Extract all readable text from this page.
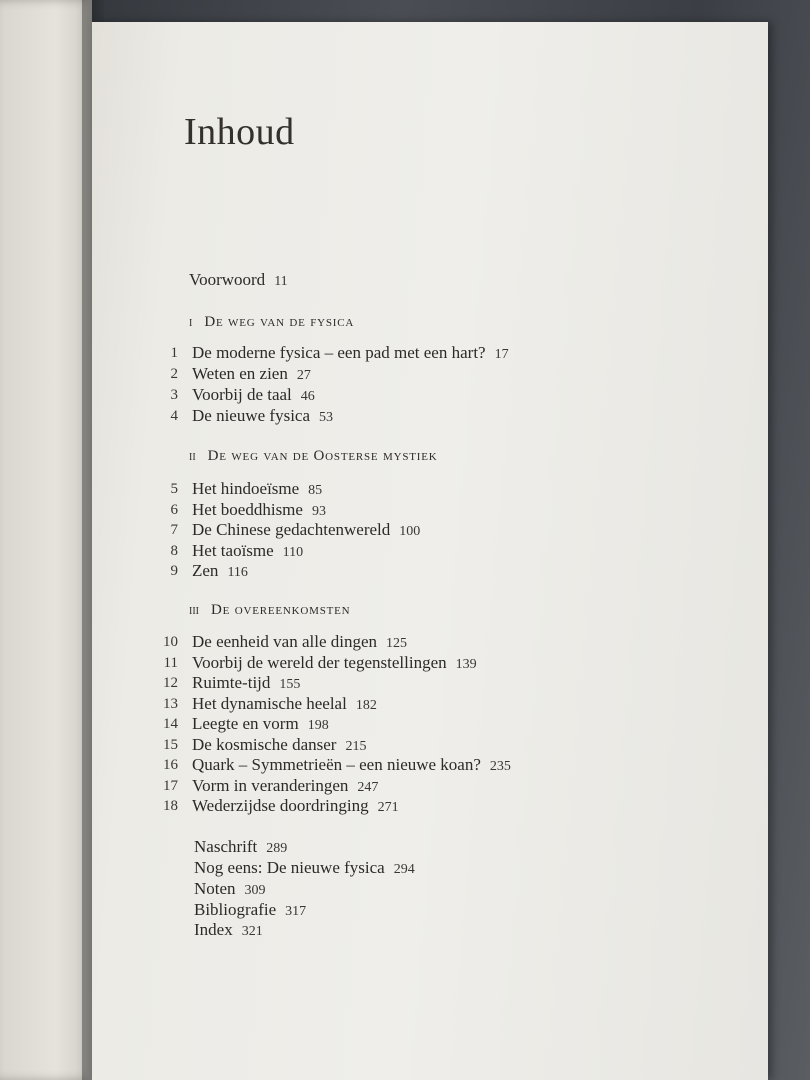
Inhoud
Voorwoord 11
i De weg van de fysica
1 De moderne fysica – een pad met een hart? 17
2 Weten en zien 27
3 Voorbij de taal 46
4 De nieuwe fysica 53
ii De weg van de Oosterse mystiek
5 Het hindoeïsme 85
6 Het boeddhisme 93
7 De Chinese gedachtenwereld 100
8 Het taoïsme 110
9 Zen 116
iii De overeenkomsten
10 De eenheid van alle dingen 125
11 Voorbij de wereld der tegenstellingen 139
12 Ruimte-tijd 155
13 Het dynamische heelal 182
14 Leegte en vorm 198
15 De kosmische danser 215
16 Quark – Symmetrieën – een nieuwe koan? 235
17 Vorm in veranderingen 247
18 Wederzijdse doordringing 271
Naschrift 289
Nog eens: De nieuwe fysica 294
Noten 309
Bibliografie 317
Index 321
